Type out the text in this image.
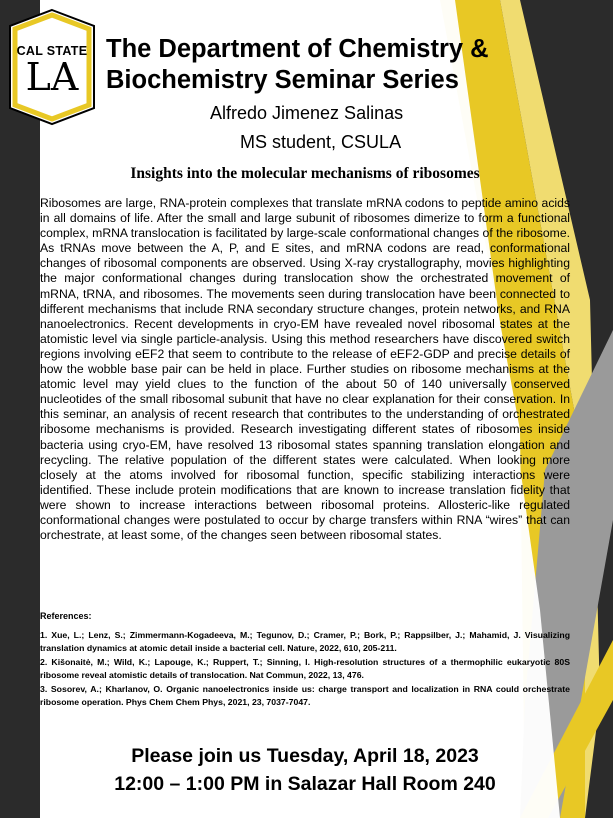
CAL STATE
LA
The Department of Chemistry &
Biochemistry Seminar Series
Alfredo Jimenez Salinas
MS student, CSULA
Insights into the molecular mechanisms of ribosomes

Ribosomes are large, RNA-protein complexes that translate mRNA codons to peptide amino acids in all domains of life. After the small and large subunit of ribosomes dimerize to form a functional complex, mRNA translocation is facilitated by large-scale conformational changes of the ribosome. As tRNAs move between the A, P, and E sites, and mRNA codons are read, conformational changes of ribosomal components are observed. Using X-ray crystallography, movies highlighting the major conformational changes during translocation show the orchestrated movement of mRNA, tRNA, and ribosomes. The movements seen during translocation have been connected to different mechanisms that include RNA secondary structure changes, protein networks, and RNA nanoelectronics. Recent developments in cryo-EM have revealed novel ribosomal states at the atomistic level via single particle-analysis. Using this method researchers have discovered switch regions involving eEF2 that seem to contribute to the release of eEF2-GDP and precise details of how the wobble base pair can be held in place. Further studies on ribosome mechanisms at the atomic level may yield clues to the function of the about 50 of 140 universally conserved nucleotides of the small ribosomal subunit that have no clear explanation for their conservation. In this seminar, an analysis of recent research that contributes to the understanding of orchestrated ribosome mechanisms is provided. Research investigating different states of ribosomes inside bacteria using cryo-EM, have resolved 13 ribosomal states spanning translation elongation and recycling. The relative population of the different states were calculated. When looking more closely at the atoms involved for ribosomal function, specific stabilizing interactions were identified. These include protein modifications that are known to increase translation fidelity that were shown to increase interactions between ribosomal proteins. Allosteric-like regulated conformational changes were postulated to occur by charge transfers within RNA “wires” that can orchestrate, at least some, of the changes seen between ribosomal states.

References:
1. Xue, L.; Lenz, S.; Zimmermann-Kogadeeva, M.; Tegunov, D.; Cramer, P.; Bork, P.; Rappsilber, J.; Mahamid, J. Visualizing translation dynamics at atomic detail inside a bacterial cell. Nature, 2022, 610, 205-211.
2. Kišonaitė, M.; Wild, K.; Lapouge, K.; Ruppert, T.; Sinning, I. High-resolution structures of a thermophilic eukaryotic 80S ribosome reveal atomistic details of translocation. Nat Commun, 2022, 13, 476.
3. Sosorev, A.; Kharlanov, O. Organic nanoelectronics inside us: charge transport and localization in RNA could orchestrate ribosome operation. Phys Chem Chem Phys, 2021, 23, 7037-7047.
Please join us Tuesday, April 18, 2023
12:00 – 1:00 PM in Salazar Hall Room 240
